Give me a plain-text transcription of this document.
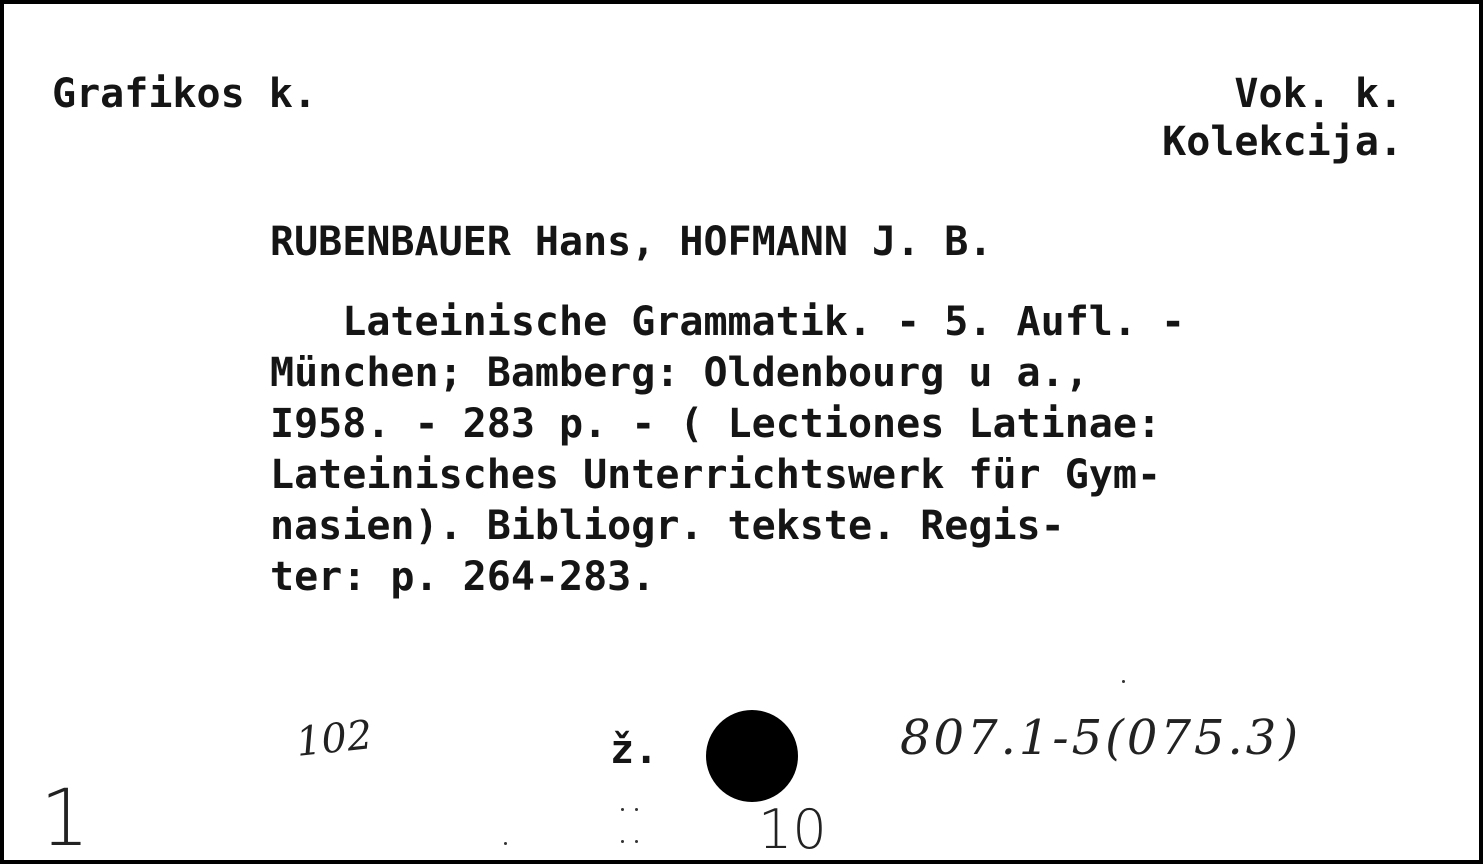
Grafikos k.	Vok. k.
Kolekcija.
RUBENBAUER Hans, HOFMANN J. B.
Lateinische Grammatik. - 5. Aufl. -
München; Bamberg: Oldenbourg u a.,
I958. - 283 p. - ( Lectiones Latinae:
Lateinisches Unterrichtswerk für Gym-
nasien). Bibliogr. tekste. Regis-
ter: p. 264-283.
102	ž.	807.1-5(075.3)
1	10
